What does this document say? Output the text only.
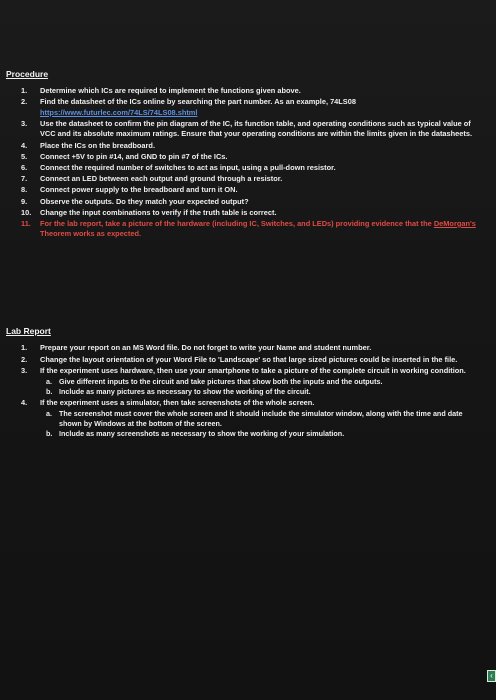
Procedure
1.	Determine which ICs are required to implement the functions given above.
2.	Find the datasheet of the ICs online by searching the part number. As an example, 74LS08
https://www.futurlec.com/74LS/74LS08.shtml
3.	Use the datasheet to confirm the pin diagram of the IC, its function table, and operating conditions such as typical value of VCC and its absolute maximum ratings. Ensure that your operating conditions are within the limits given in the datasheets.
4.	Place the ICs on the breadboard.
5.	Connect +5V to pin #14, and GND to pin #7 of the ICs.
6.	Connect the required number of switches to act as input, using a pull-down resistor.
7.	Connect an LED between each output and ground through a resistor.
8.	Connect power supply to the breadboard and turn it ON.
9.	Observe the outputs. Do they match your expected output?
10.	Change the input combinations to verify if the truth table is correct.
11.	For the lab report, take a picture of the hardware (including IC, Switches, and LEDs) providing evidence that the DeMorgan's Theorem works as expected.
Lab Report
1.	Prepare your report on an MS Word file. Do not forget to write your Name and student number.
2.	Change the layout orientation of your Word File to 'Landscape' so that large sized pictures could be inserted in the file.
3.	If the experiment uses hardware, then use your smartphone to take a picture of the complete circuit in working condition.
a. Give different inputs to the circuit and take pictures that show both the inputs and the outputs.
b. Include as many pictures as necessary to show the working of the circuit.
4.	If the experiment uses a simulator, then take screenshots of the whole screen.
a. The screenshot must cover the whole screen and it should include the simulator window, along with the time and date shown by Windows at the bottom of the screen.
b. Include as many screenshots as necessary to show the working of your simulation.
‹
